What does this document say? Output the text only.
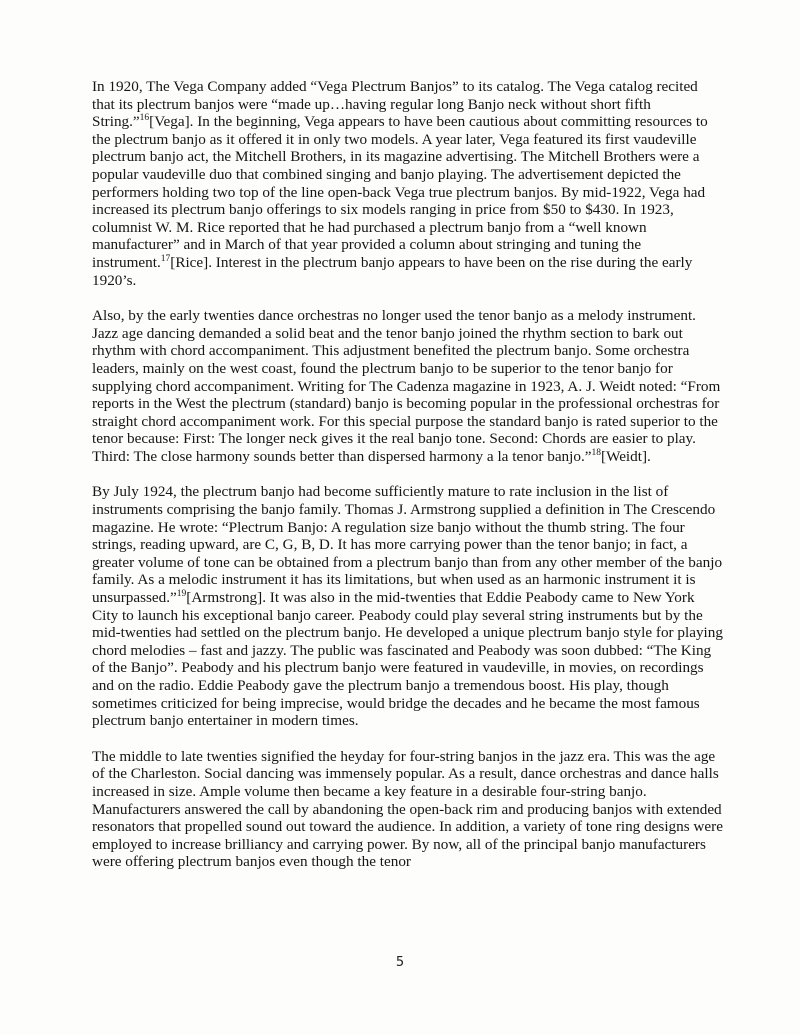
In 1920, The Vega Company added “Vega Plectrum Banjos” to its catalog. The Vega catalog recited that its plectrum banjos were “made up…having regular long Banjo neck without short fifth String.”$^{16}$[Vega]. In the beginning, Vega appears to have been cautious about committing resources to the plectrum banjo as it offered it in only two models. A year later, Vega featured its first vaudeville plectrum banjo act, the Mitchell Brothers, in its magazine advertising. The Mitchell Brothers were a popular vaudeville duo that combined singing and banjo playing. The advertisement depicted the performers holding two top of the line open-back Vega true plectrum banjos. By mid-1922, Vega had increased its plectrum banjo offerings to six models ranging in price from $50 to $430. In 1923, columnist W. M. Rice reported that he had purchased a plectrum banjo from a “well known manufacturer” and in March of that year provided a column about stringing and tuning the instrument.$^{17}$[Rice]. Interest in the plectrum banjo appears to have been on the rise during the early 1920’s.

Also, by the early twenties dance orchestras no longer used the tenor banjo as a melody instrument. Jazz age dancing demanded a solid beat and the tenor banjo joined the rhythm section to bark out rhythm with chord accompaniment. This adjustment benefited the plectrum banjo. Some orchestra leaders, mainly on the west coast, found the plectrum banjo to be superior to the tenor banjo for supplying chord accompaniment. Writing for The Cadenza magazine in 1923, A. J. Weidt noted: “From reports in the West the plectrum (standard) banjo is becoming popular in the professional orchestras for straight chord accompaniment work. For this special purpose the standard banjo is rated superior to the tenor because: First: The longer neck gives it the real banjo tone. Second: Chords are easier to play. Third: The close harmony sounds better than dispersed harmony a la tenor banjo.”$^{18}$[Weidt].

By July 1924, the plectrum banjo had become sufficiently mature to rate inclusion in the list of instruments comprising the banjo family. Thomas J. Armstrong supplied a definition in The Crescendo magazine. He wrote: “Plectrum Banjo: A regulation size banjo without the thumb string. The four strings, reading upward, are C, G, B, D. It has more carrying power than the tenor banjo; in fact, a greater volume of tone can be obtained from a plectrum banjo than from any other member of the banjo family. As a melodic instrument it has its limitations, but when used as an harmonic instrument it is unsurpassed.”$^{19}$[Armstrong]. It was also in the mid-twenties that Eddie Peabody came to New York City to launch his exceptional banjo career. Peabody could play several string instruments but by the mid-twenties had settled on the plectrum banjo. He developed a unique plectrum banjo style for playing chord melodies – fast and jazzy. The public was fascinated and Peabody was soon dubbed: “The King of the Banjo”. Peabody and his plectrum banjo were featured in vaudeville, in movies, on recordings and on the radio. Eddie Peabody gave the plectrum banjo a tremendous boost. His play, though sometimes criticized for being imprecise, would bridge the decades and he became the most famous plectrum banjo entertainer in modern times.

The middle to late twenties signified the heyday for four-string banjos in the jazz era. This was the age of the Charleston. Social dancing was immensely popular. As a result, dance orchestras and dance halls increased in size. Ample volume then became a key feature in a desirable four-string banjo. Manufacturers answered the call by abandoning the open-back rim and producing banjos with extended resonators that propelled sound out toward the audience. In addition, a variety of tone ring designs were employed to increase brilliancy and carrying power. By now, all of the principal banjo manufacturers were offering plectrum banjos even though the tenor

5
